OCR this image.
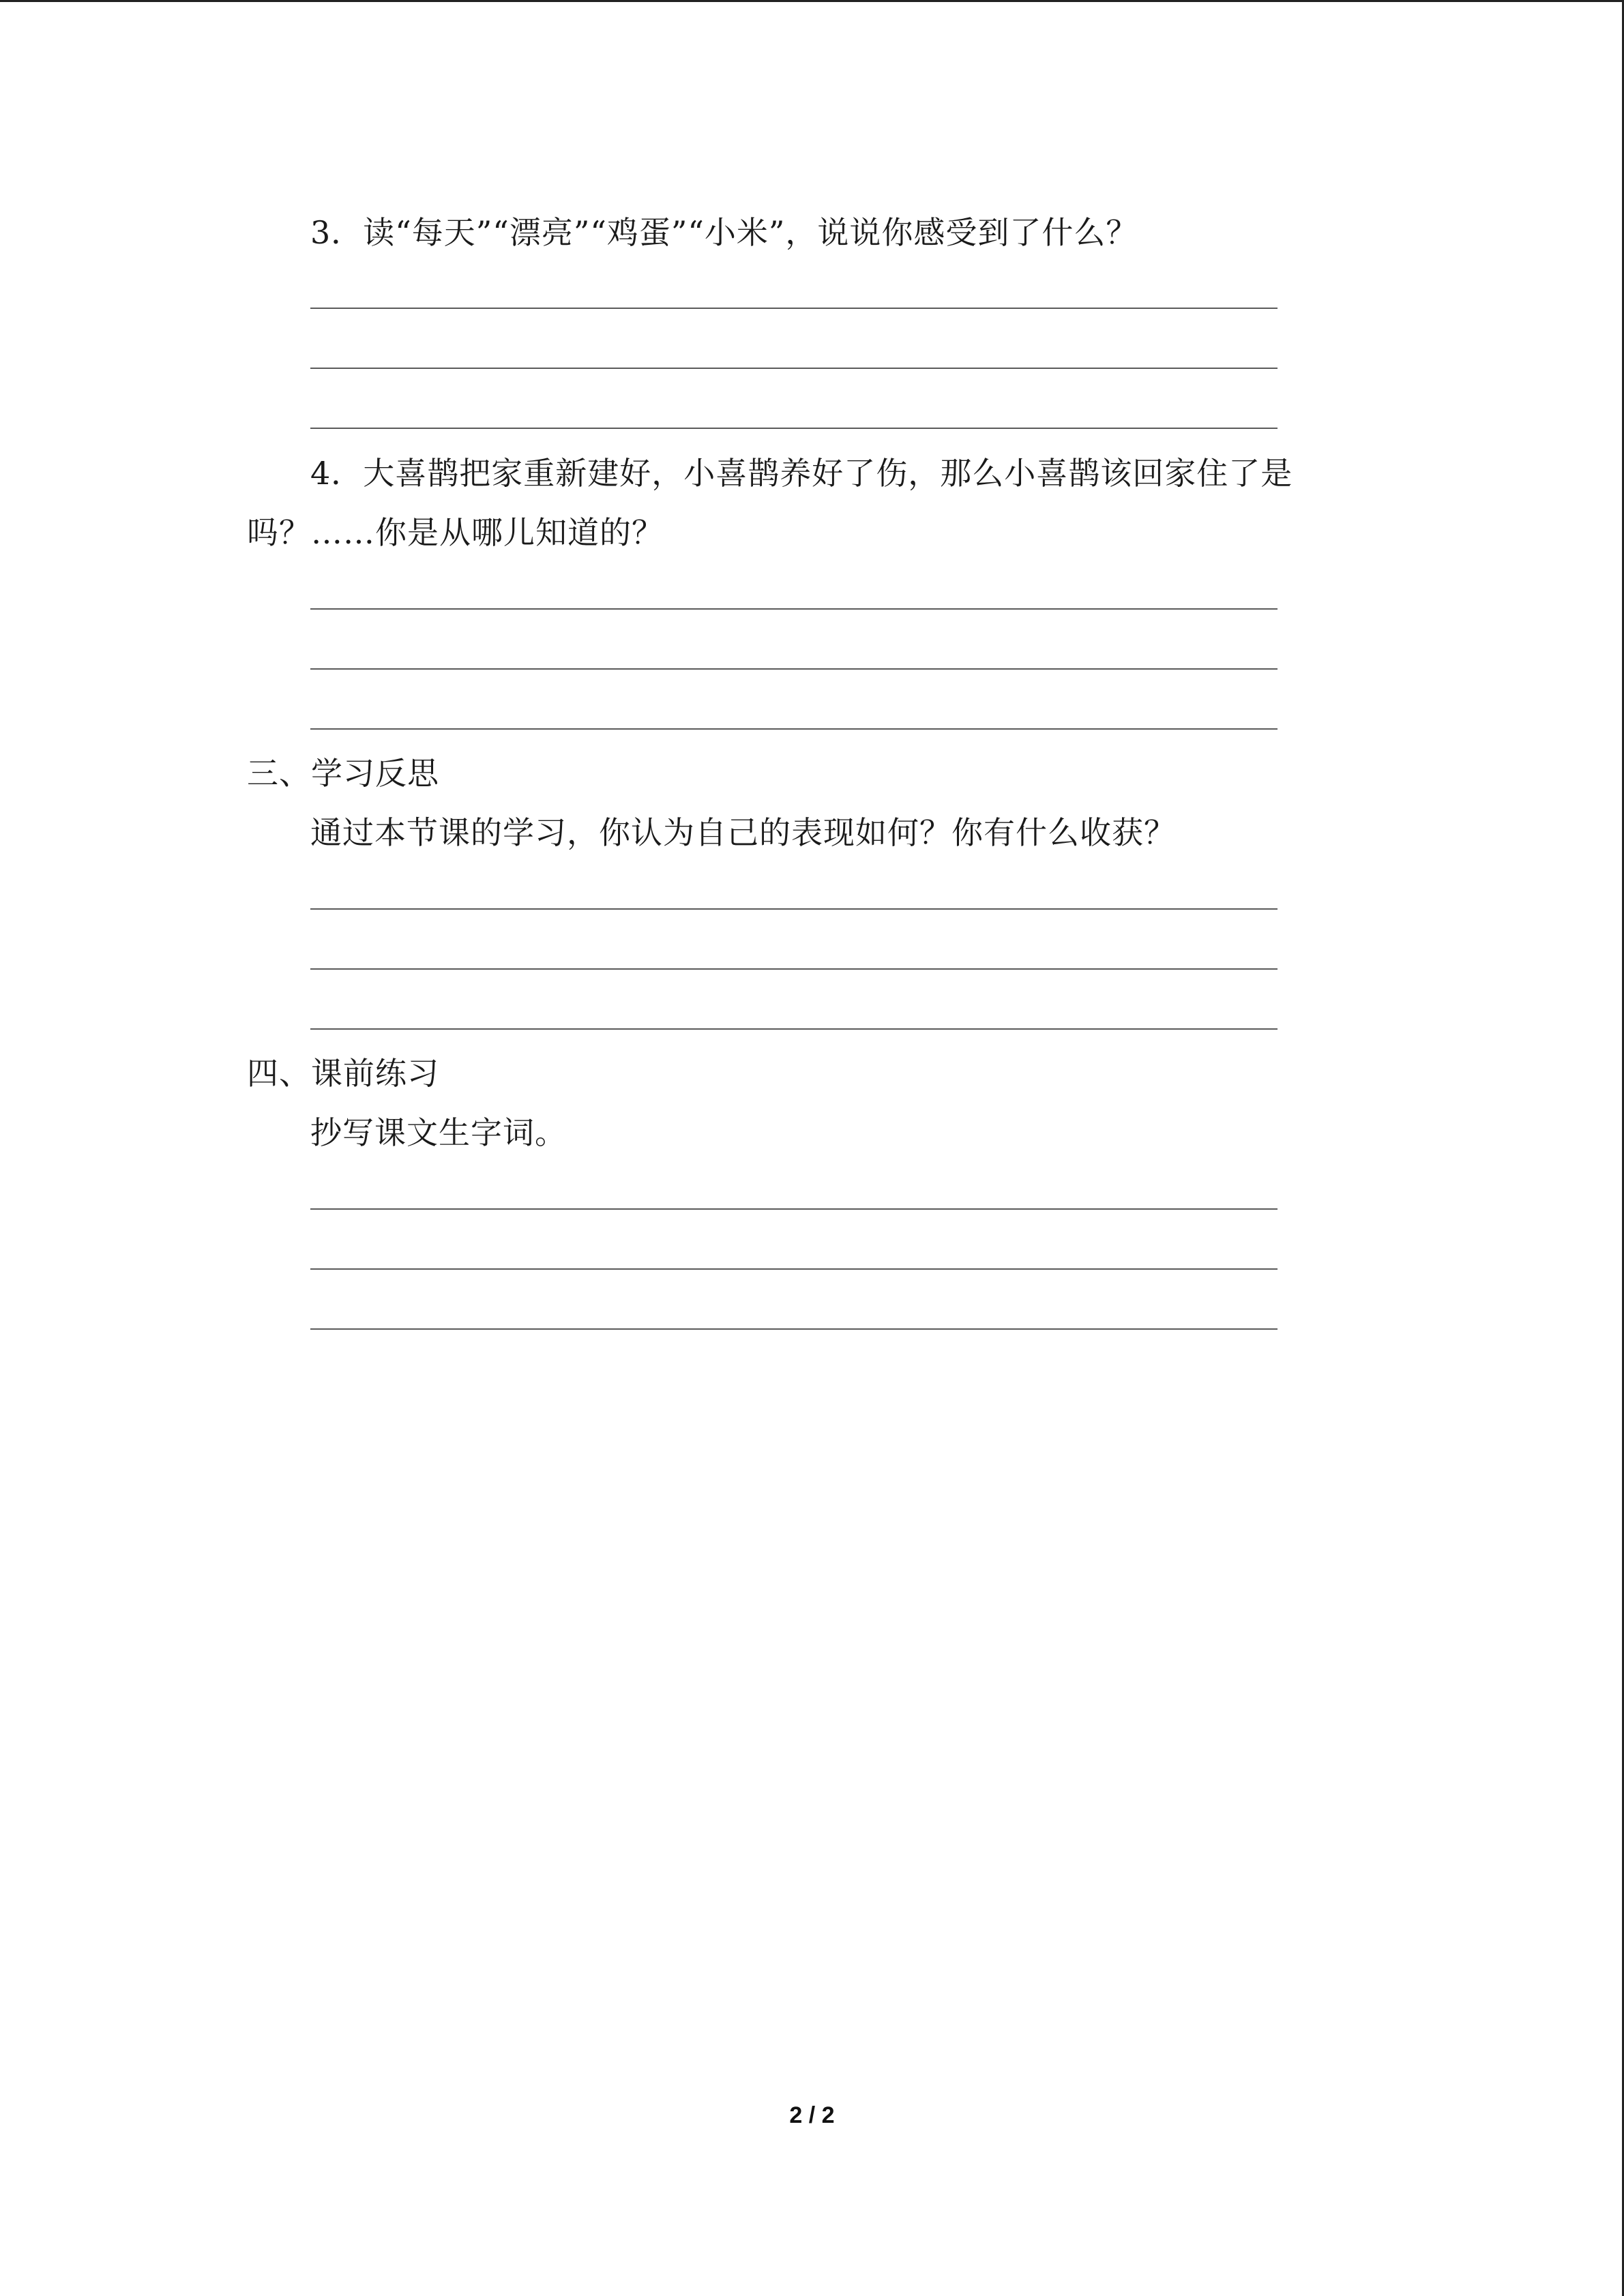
3．读“每天”“漂亮”“鸡蛋”“小米”，说说你感受到了什么？
4．大喜鹊把家重新建好，小喜鹊养好了伤，那么小喜鹊该回家住了是
吗？……你是从哪儿知道的？
三、学习反思
通过本节课的学习，你认为自己的表现如何？你有什么收获？
四、课前练习
抄写课文生字词。
2 / 2
